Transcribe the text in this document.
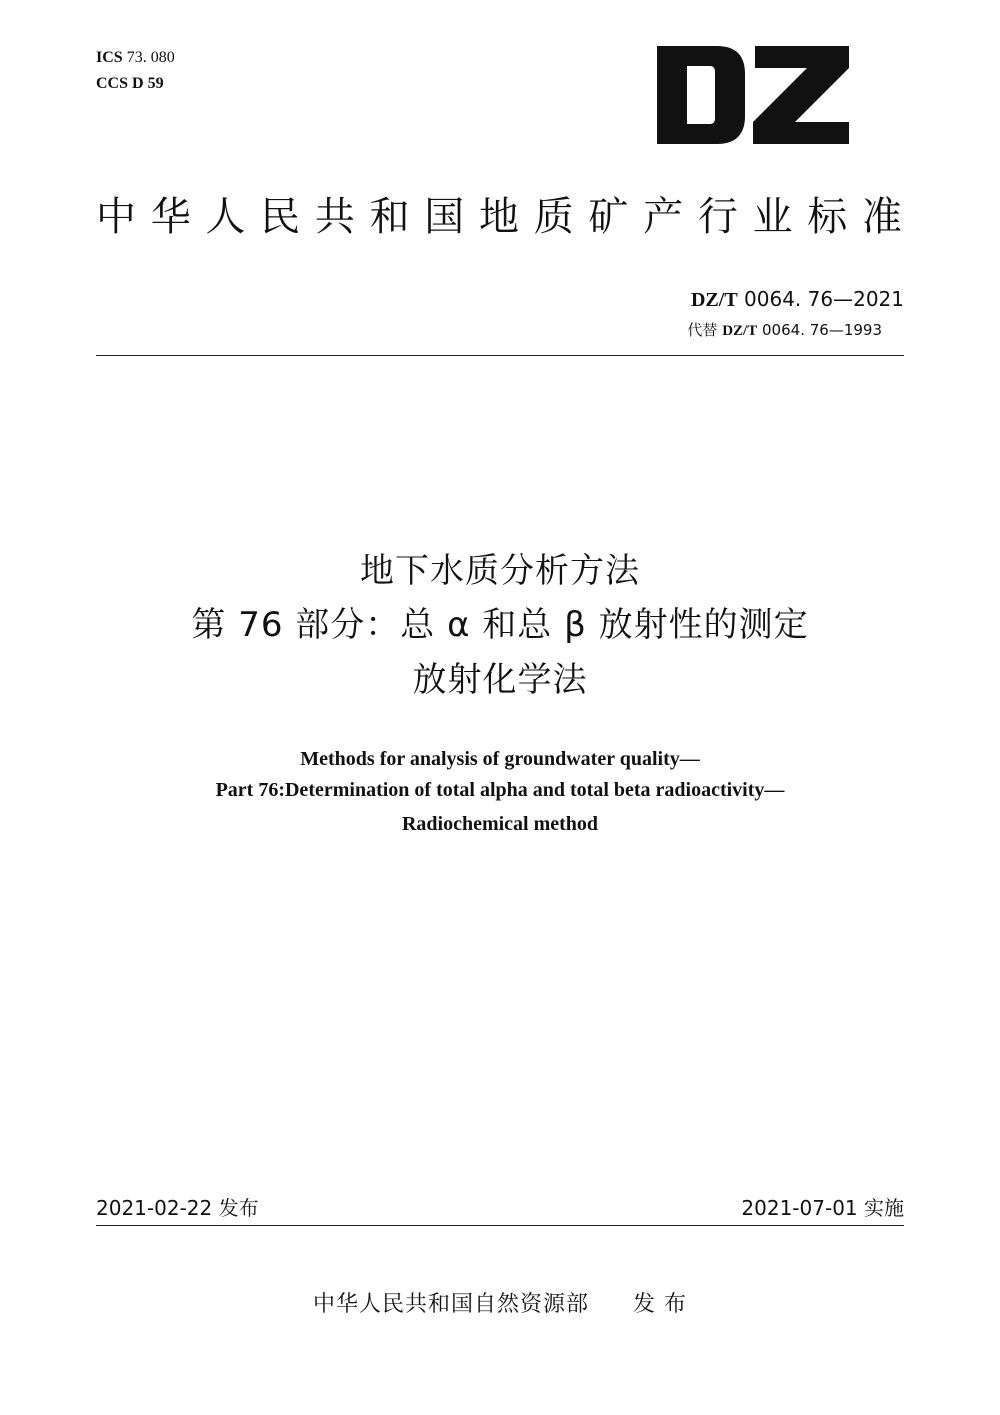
ICS 73. 080
CCS D 59
中华人民共和国地质矿产行业标准
DZ/T 0064. 76—2021
代替 DZ/T 0064. 76—1993
地下水质分析方法
第 76 部分：总 α 和总 β 放射性的测定
放射化学法
Methods for analysis of groundwater quality—
Part 76:Determination of total alpha and total beta radioactivity—
Radiochemical method
2021-02-22 发布	2021-07-01 实施
中华人民共和国自然资源部 发 布
